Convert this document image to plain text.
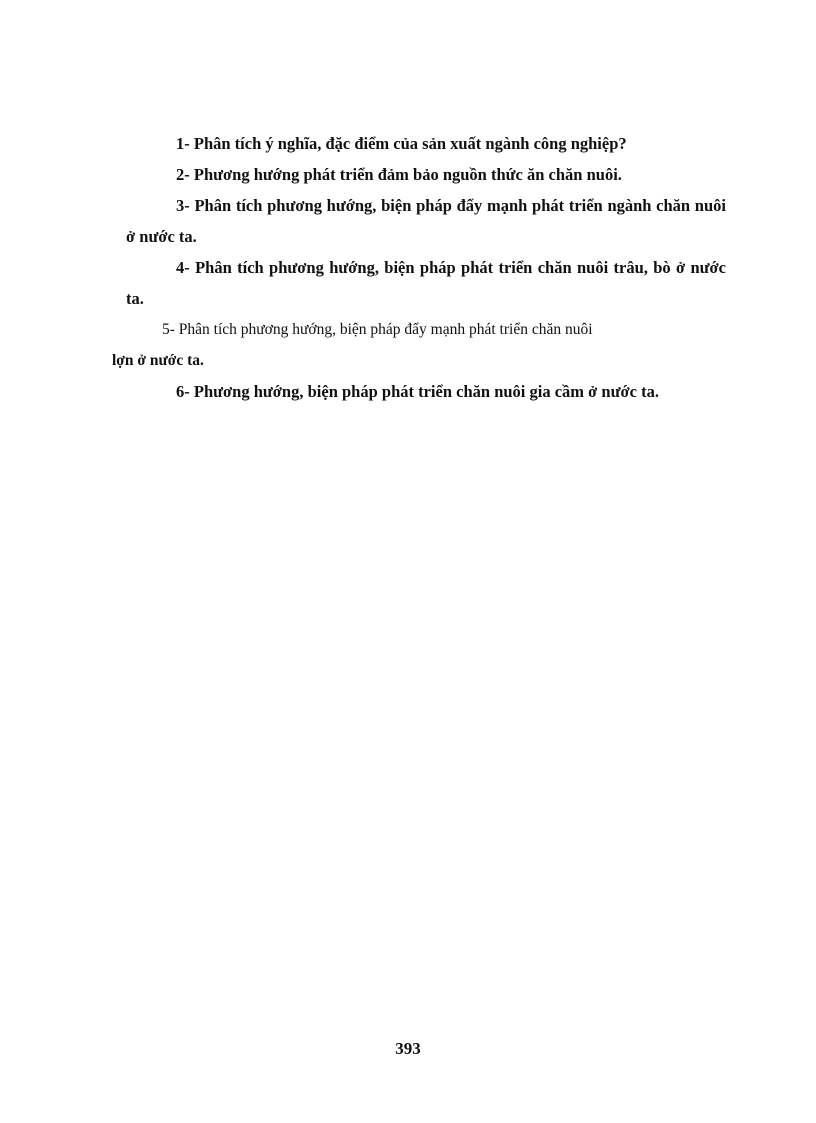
1- Phân tích ý nghĩa, đặc điểm của sản xuất ngành công nghiệp?

2- Phương hướng phát triển đảm bảo nguồn thức ăn chăn nuôi.

3- Phân tích phương hướng, biện pháp đẩy mạnh phát triển ngành chăn nuôi ở nước ta.

4- Phân tích phương hướng, biện pháp phát triển chăn nuôi trâu, bò ở nước ta.

5- Phân tích phương hướng, biện pháp đẩy mạnh phát triển chăn nuôi
lợn ở nước ta.

6- Phương hướng, biện pháp phát triển chăn nuôi gia cầm ở nước ta.

393
